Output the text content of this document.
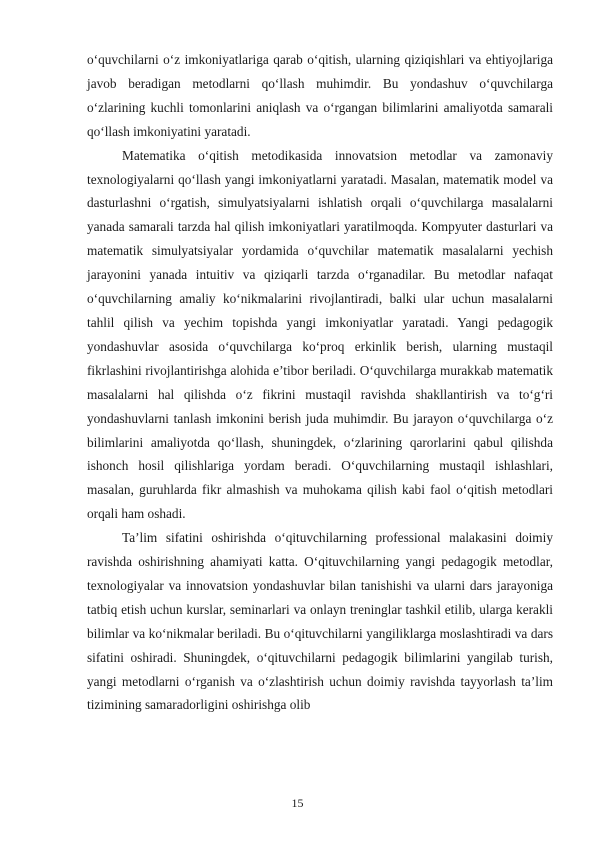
o‘quvchilarni o‘z imkoniyatlariga qarab o‘qitish, ularning qiziqishlari va ehtiyojlariga javob beradigan metodlarni qo‘llash muhimdir. Bu yondashuv o‘quvchilarga o‘zlarining kuchli tomonlarini aniqlash va o‘rgangan bilimlarini amaliyotda samarali qo‘llash imkoniyatini yaratadi.

Matematika o‘qitish metodikasida innovatsion metodlar va zamonaviy texnologiyalarni qo‘llash yangi imkoniyatlarni yaratadi. Masalan, matematik model va dasturlashni o‘rgatish, simulyatsiyalarni ishlatish orqali o‘quvchilarga masalalarni yanada samarali tarzda hal qilish imkoniyatlari yaratilmoqda. Kompyuter dasturlari va matematik simulyatsiyalar yordamida o‘quvchilar matematik masalalarni yechish jarayonini yanada intuitiv va qiziqarli tarzda o‘rganadilar. Bu metodlar nafaqat o‘quvchilarning amaliy ko‘nikmalarini rivojlantiradi, balki ular uchun masalalarni tahlil qilish va yechim topishda yangi imkoniyatlar yaratadi. Yangi pedagogik yondashuvlar asosida o‘quvchilarga ko‘proq erkinlik berish, ularning mustaqil fikrlashini rivojlantirishga alohida e’tibor beriladi. O‘quvchilarga murakkab matematik masalalarni hal qilishda o‘z fikrini mustaqil ravishda shakllantirish va to‘g‘ri yondashuvlarni tanlash imkonini berish juda muhimdir. Bu jarayon o‘quvchilarga o‘z bilimlarini amaliyotda qo‘llash, shuningdek, o‘zlarining qarorlarini qabul qilishda ishonch hosil qilishlariga yordam beradi. O‘quvchilarning mustaqil ishlashlari, masalan, guruhlarda fikr almashish va muhokama qilish kabi faol o‘qitish metodlari orqali ham oshadi.

Ta’lim sifatini oshirishda o‘qituvchilarning professional malakasini doimiy ravishda oshirishning ahamiyati katta. O‘qituvchilarning yangi pedagogik metodlar, texnologiyalar va innovatsion yondashuvlar bilan tanishishi va ularni dars jarayoniga tatbiq etish uchun kurslar, seminarlari va onlayn treninglar tashkil etilib, ularga kerakli bilimlar va ko‘nikmalar beriladi. Bu o‘qituvchilarni yangiliklarga moslashtiradi va dars sifatini oshiradi. Shuningdek, o‘qituvchilarni pedagogik bilimlarini yangilab turish, yangi metodlarni o‘rganish va o‘zlashtirish uchun doimiy ravishda tayyorlash ta’lim tizimining samaradorligini oshirishga olib

15
